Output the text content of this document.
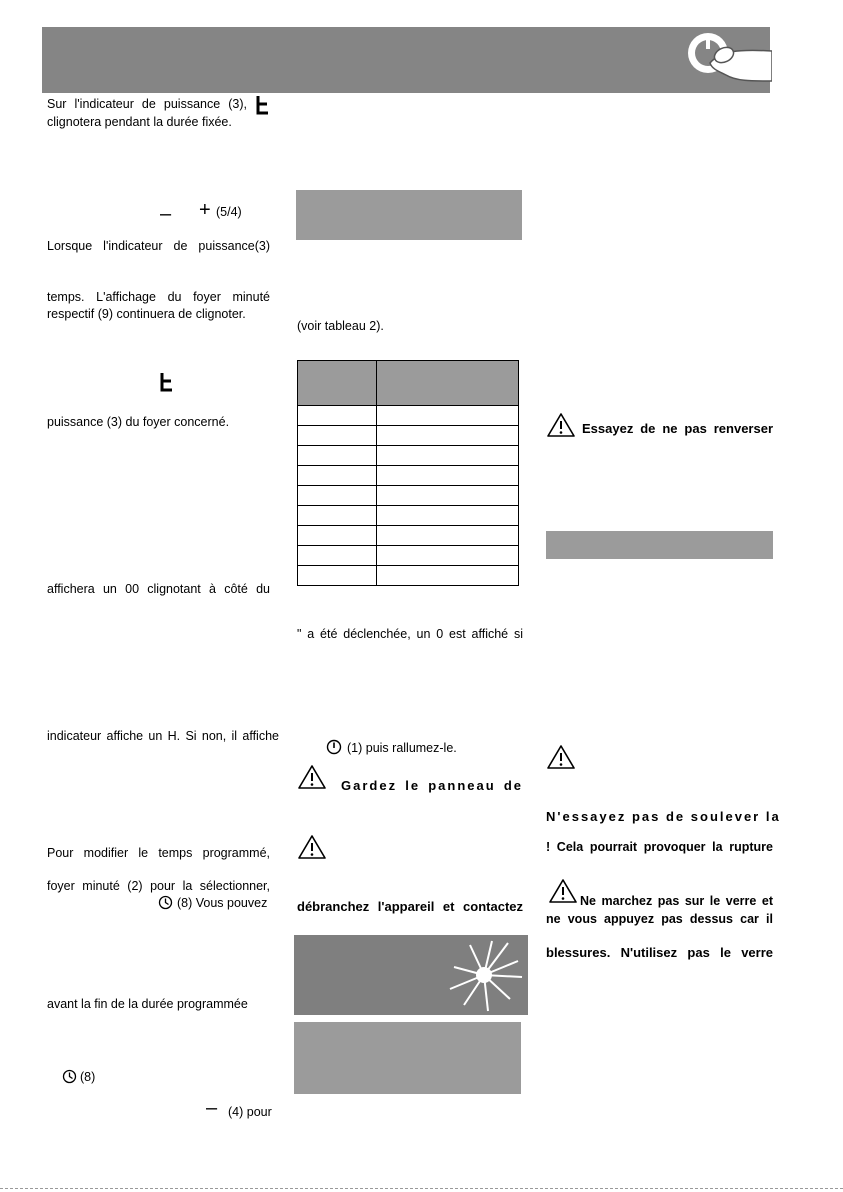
Sur l'indicateur de puissance (3),
clignotera pendant la durée fixée.
– + (5/4)
Lorsque l'indicateur de puissance(3)
temps. L'affichage du foyer minuté
respectif (9) continuera de clignoter.
puissance (3) du foyer concerné.
affichera un 00 clignotant à côté du
indicateur affiche un H. Si non, il affiche
Pour modifier le temps programmé,
foyer minuté (2) pour la sélectionner,
(8) Vous pouvez
avant la fin de la durée programmée
(8)
– (4) pour
(voir tableau 2).

" a été déclenchée, un 0 est affiché si
(1) puis rallumez-le.
Gardez le panneau de
débranchez l'appareil et contactez
Essayez de ne pas renverser
N'essayez pas de soulever la
! Cela pourrait provoquer la rupture
Ne marchez pas sur le verre et
ne vous appuyez pas dessus car il
blessures. N'utilisez pas le verre
